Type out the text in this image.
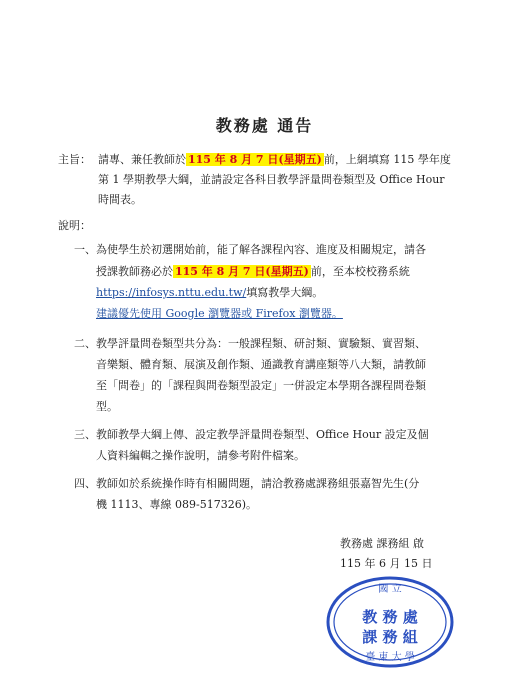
教務處 通告
主旨： 請專、兼任教師於 115 年 8 月 7 日(星期五) 前，上網填寫 115 學年度
第 1 學期教學大綱，並請設定各科目教學評量問卷類型及 Office Hour
時間表。
說明：
一、 為使學生於初選開始前，能了解各課程內容、進度及相關規定，請各
授課教師務必於 115 年 8 月 7 日(星期五) 前，至本校校務系統
https://infosys.nttu.edu.tw/填寫教學大綱。
建議優先使用 Google 瀏覽器或 Firefox 瀏覽器。
二、 教學評量問卷類型共分為：一般課程類、研討類、實驗類、實習類、
音樂類、體育類、展演及創作類、通識教育講座類等八大類，請教師
至「問卷」的「課程與問卷類型設定」一併設定本學期各課程問卷類
型。
三、 教師教學大綱上傳、設定教學評量問卷類型、Office Hour 設定及個
人資料編輯之操作說明，請參考附件檔案。
四、 教師如於系統操作時有相關問題，請洽教務處課務組張嘉智先生(分
機 1113、專線 089-517326)。
教務處 課務組 啟
115 年 6 月 15 日
國 立
教 務 處
課 務 組
臺 東 大 學
